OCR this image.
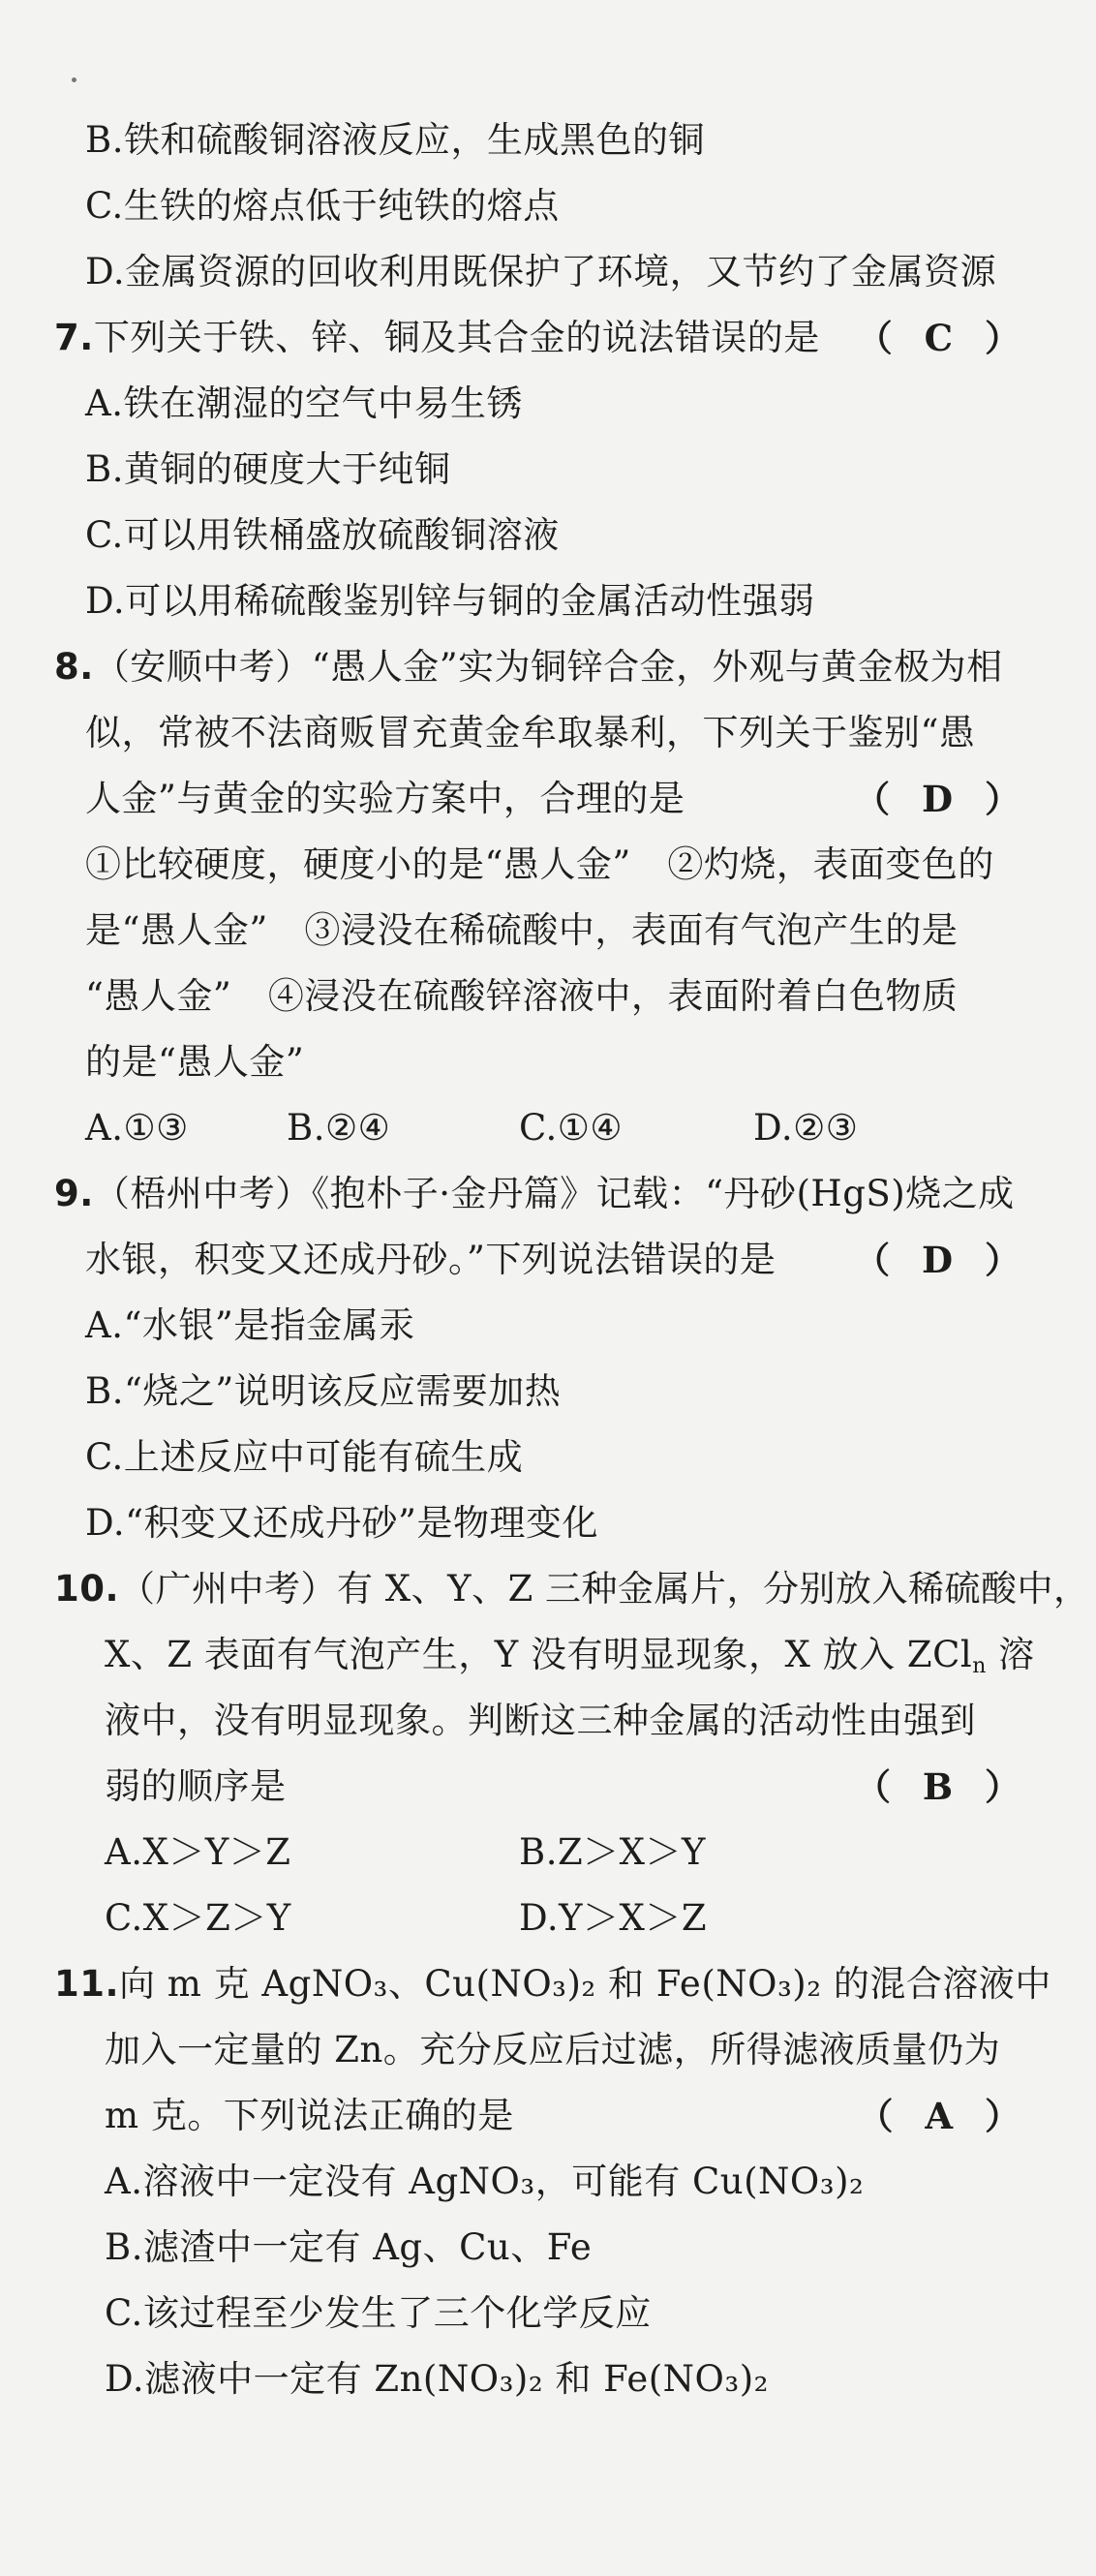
B.铁和硫酸铜溶液反应，生成黑色的铜
C.生铁的熔点低于纯铁的熔点
D.金属资源的回收利用既保护了环境，又节约了金属资源
7.下列关于铁、锌、铜及其合金的说法错误的是 （ C ）
A.铁在潮湿的空气中易生锈
B.黄铜的硬度大于纯铜
C.可以用铁桶盛放硫酸铜溶液
D.可以用稀硫酸鉴别锌与铜的金属活动性强弱
8.（安顺中考）“愚人金”实为铜锌合金，外观与黄金极为相
似，常被不法商贩冒充黄金牟取暴利，下列关于鉴别“愚
人金”与黄金的实验方案中，合理的是	（ D ）
①比较硬度，硬度小的是“愚人金”　②灼烧，表面变色的
是“愚人金”　③浸没在稀硫酸中，表面有气泡产生的是
“愚人金”　④浸没在硫酸锌溶液中，表面附着白色物质
的是“愚人金”
A.①③	B.②④	C.①④	D.②③
9.（梧州中考）《抱朴子·金丹篇》记载：“丹砂(HgS)烧之成
水银，积变又还成丹砂。”下列说法错误的是 （ D ）
A.“水银”是指金属汞
B.“烧之”说明该反应需要加热
C.上述反应中可能有硫生成
D.“积变又还成丹砂”是物理变化
10.（广州中考）有 X、Y、Z 三种金属片，分别放入稀硫酸中，
X、Z 表面有气泡产生，Y 没有明显现象，X 放入 ZCl$_n$ 溶
液中，没有明显现象。判断这三种金属的活动性由强到
弱的顺序是	（ B ）
A.X＞Y＞Z	B.Z＞X＞Y
C.X＞Z＞Y	D.Y＞X＞Z
11.向 m 克 AgNO₃、Cu(NO₃)₂ 和 Fe(NO₃)₂ 的混合溶液中
加入一定量的 Zn。充分反应后过滤，所得滤液质量仍为
m 克。下列说法正确的是	（ A ）
A.溶液中一定没有 AgNO₃，可能有 Cu(NO₃)₂
B.滤渣中一定有 Ag、Cu、Fe
C.该过程至少发生了三个化学反应
D.滤液中一定有 Zn(NO₃)₂ 和 Fe(NO₃)₂
